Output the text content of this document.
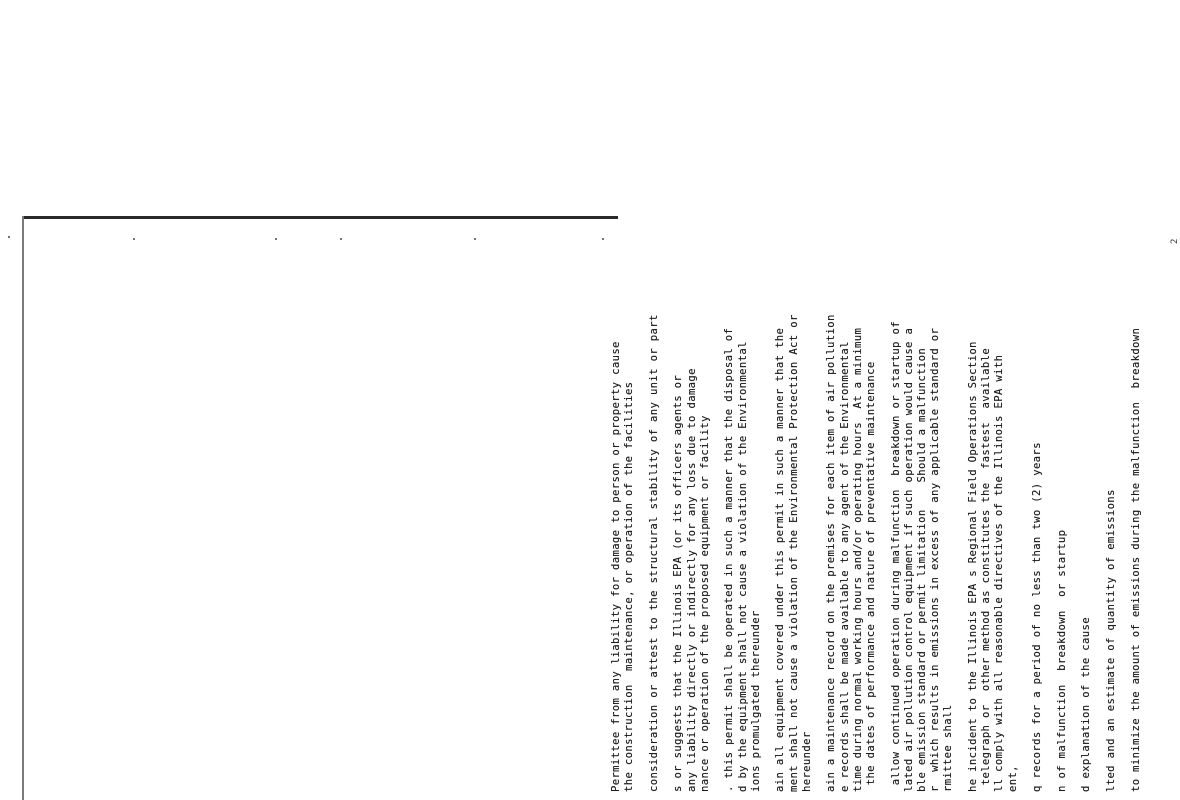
2
Permittee from any liability for damage to person or property cause the construction  maintenance, or operation of the facilities consideration or attest to the structural stability of any unit or part s or suggests that the Illinois EPA (or its officers agents or any liability directly or indirectly for any loss due to damage nance or operation of the proposed equipment or facility . this permit shall be operated in such a manner that the disposal of d by the equipment shall not cause a violation of the Environmental ions promulgated thereunder ain all equipment covered under this permit in such a manner that the ment shall not cause a violation of the Environmental Protection Act or hereunder ain a maintenance record on the premises for each item of air pollution e records shall be made available to any agent of the Environmental time during normal working hours and/or operating hours  At a minimum the dates of performance and nature of preventative maintenance allow continued operation during malfunction  breakdown or startup of lated air pollution control equipment if such operation would cause a ble emission standard or permit limitation    Should a malfunction r  which results in emissions in excess of any applicable standard or rmittee shall he incident to the Illinois EPA s Regional Field Operations Section telegraph or  other method as constitutes the  fastest  available ll comply with all reasonable directives of the Illinois EPA with ent, q records for a period of no less than two (2) years n of malfunction  breakdown  or startup d explanation of the cause lted and an estimate of quantity of emissions to minimize the amount of emissions during the malfunction  breakdown
